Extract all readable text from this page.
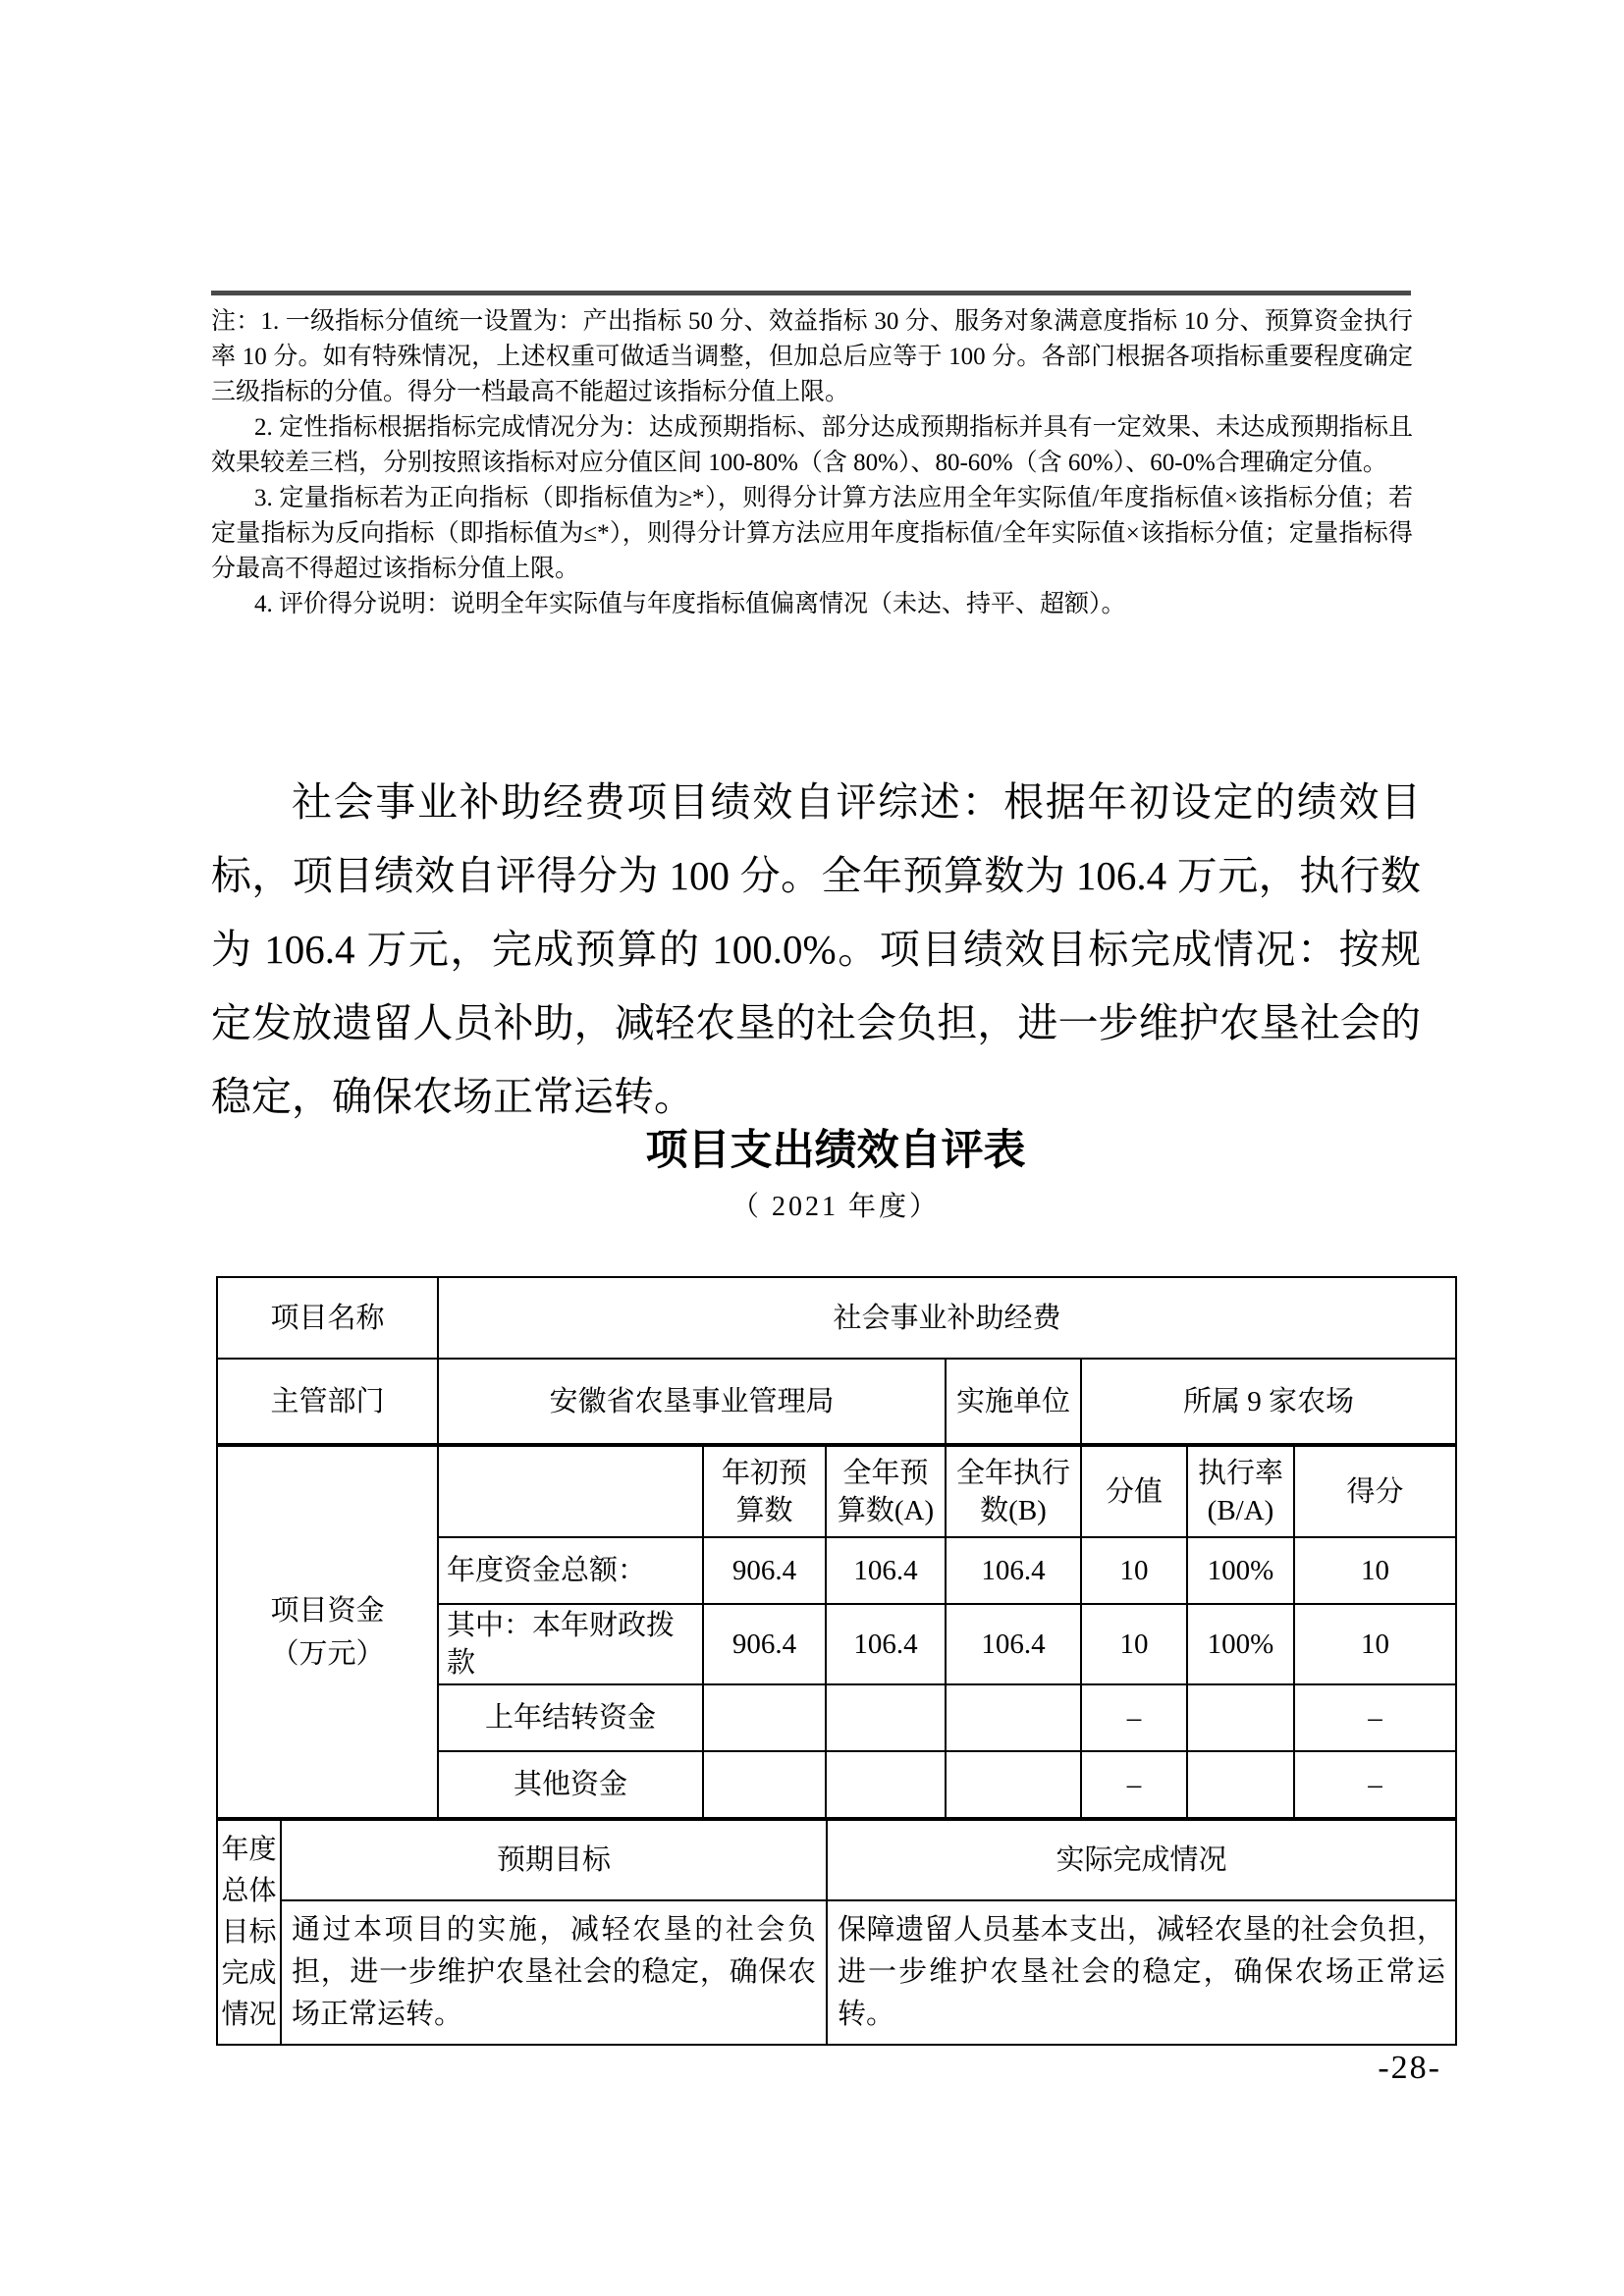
注：1. 一级指标分值统一设置为：产出指标 50 分、效益指标 30 分、服务对象满意度指标 10 分、预算资金执行率 10 分。如有特殊情况，上述权重可做适当调整，但加总后应等于 100 分。各部门根据各项指标重要程度确定三级指标的分值。得分一档最高不能超过该指标分值上限。

2. 定性指标根据指标完成情况分为：达成预期指标、部分达成预期指标并具有一定效果、未达成预期指标且效果较差三档，分别按照该指标对应分值区间 100-80%（含 80%）、80-60%（含 60%）、60-0%合理确定分值。

3. 定量指标若为正向指标（即指标值为≥*），则得分计算方法应用全年实际值/年度指标值×该指标分值；若定量指标为反向指标（即指标值为≤*），则得分计算方法应用年度指标值/全年实际值×该指标分值；定量指标得分最高不得超过该指标分值上限。

4. 评价得分说明：说明全年实际值与年度指标值偏离情况（未达、持平、超额）。

社会事业补助经费项目绩效自评综述：根据年初设定的绩效目标，项目绩效自评得分为 100 分。全年预算数为 106.4 万元，执行数为 106.4 万元，完成预算的 100.0%。项目绩效目标完成情况：按规定发放遗留人员补助，减轻农垦的社会负担，进一步维护农垦社会的稳定，确保农场正常运转。

项目支出绩效自评表
（ 2021 年度）
项目名称	社会事业补助经费		
主管部门	安徽省农垦事业管理局	实施单位	所属 9 家农场
项目资金（万元）		年初预算数	全年预算数(A)	全年执行数(B)	分值	执行率(B/A)	得分
	年度资金总额：	906.4	106.4	106.4	10	100%	10
	其中：本年财政拨款	906.4	106.4	106.4	10	100%	10
	上年结转资金				–		–
	其他资金				–		–
年度总体目标完成情况	预期目标	实际完成情况
	通过本项目的实施，减轻农垦的社会负担，进一步维护农垦社会的稳定，确保农场正常运转。	保障遗留人员基本支出，减轻农垦的社会负担，进一步维护农垦社会的稳定，确保农场正常运转。
-28-
